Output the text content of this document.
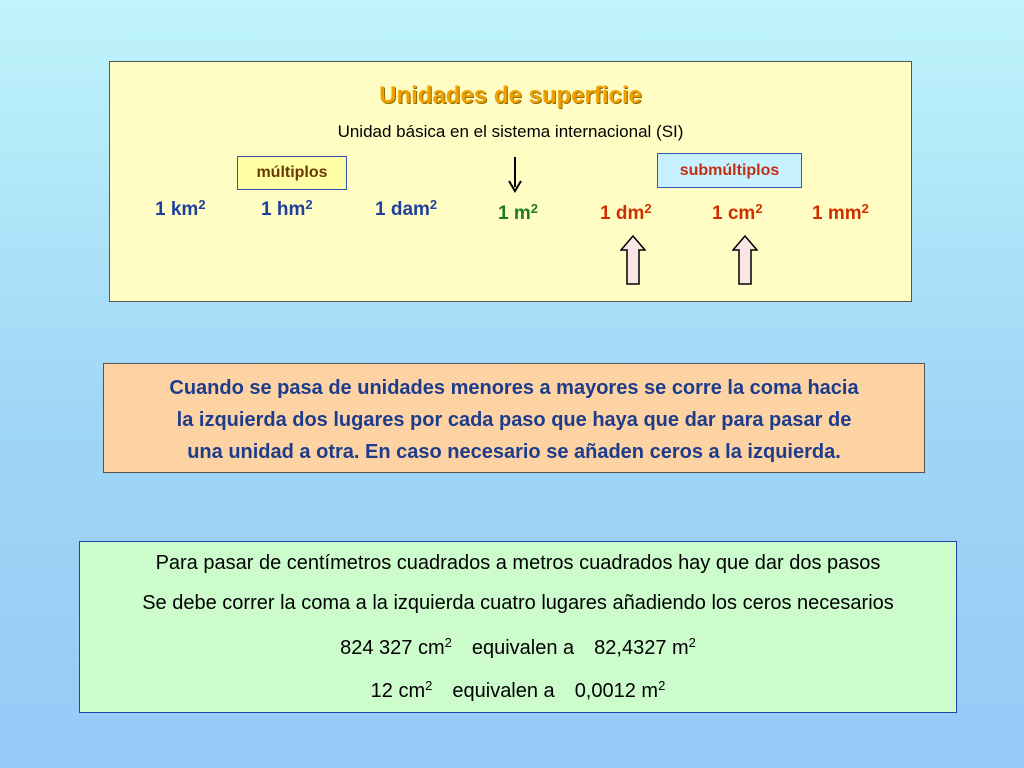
Unidades de superficie
Unidad básica en el sistema internacional (SI)
múltiplos	submúltiplos
1 $km^2$	1 $hm^2$	1 dam$^2$	1 $m^2$	1 $dm^2$	1 $cm^2$	1 $mm^2$
Cuando se pasa de unidades menores a mayores se corre la coma hacia
la izquierda dos lugares por cada paso que haya que dar para pasar de
una unidad a otra. En caso necesario se añaden ceros a la izquierda.
Para pasar de centímetros cuadrados a metros cuadrados hay que dar dos pasos
Se debe correr la coma a la izquierda cuatro lugares añadiendo los ceros necesarios
824 327 $cm^2$ equivalen a 82,4327 $m^2$
12 $cm^2$ equivalen a 0,0012 $m^2$
